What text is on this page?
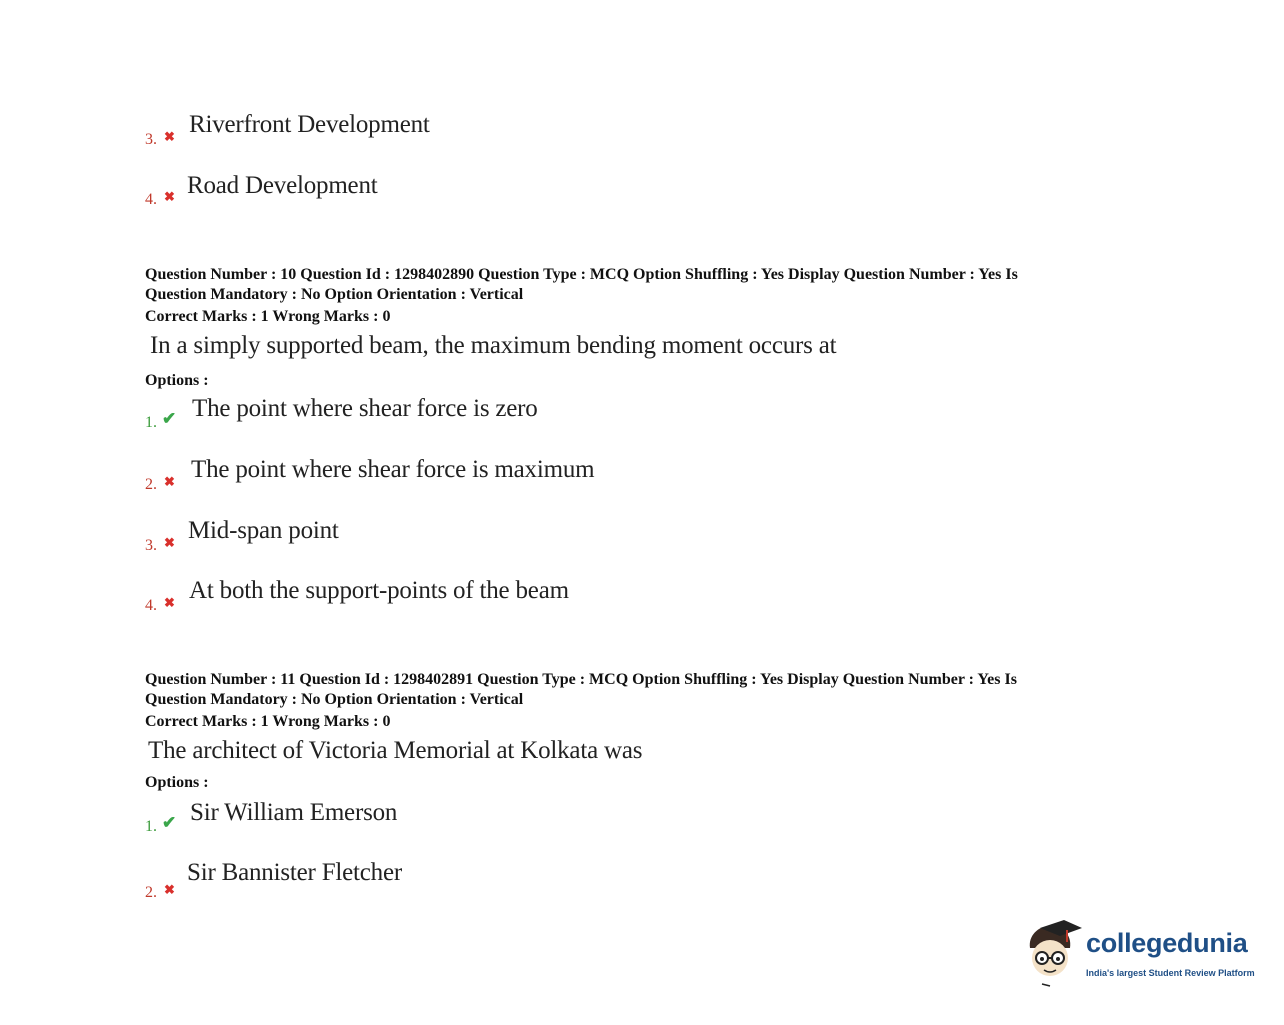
3. ✖ Riverfront Development
4. ✖ Road Development
Question Number : 10 Question Id : 1298402890 Question Type : MCQ Option Shuffling : Yes Display Question Number : Yes Is
Question Mandatory : No Option Orientation : Vertical
Correct Marks : 1 Wrong Marks : 0
In a simply supported beam, the maximum bending moment occurs at
Options :
1. ✔ The point where shear force is zero
2. ✖ The point where shear force is maximum
3. ✖ Mid-span point
4. ✖ At both the support-points of the beam
Question Number : 11 Question Id : 1298402891 Question Type : MCQ Option Shuffling : Yes Display Question Number : Yes Is
Question Mandatory : No Option Orientation : Vertical
Correct Marks : 1 Wrong Marks : 0
The architect of Victoria Memorial at Kolkata was
Options :
1. ✔ Sir William Emerson
2. ✖
Sir Bannister Fletcher
collegedunia
India's largest Student Review Platform
